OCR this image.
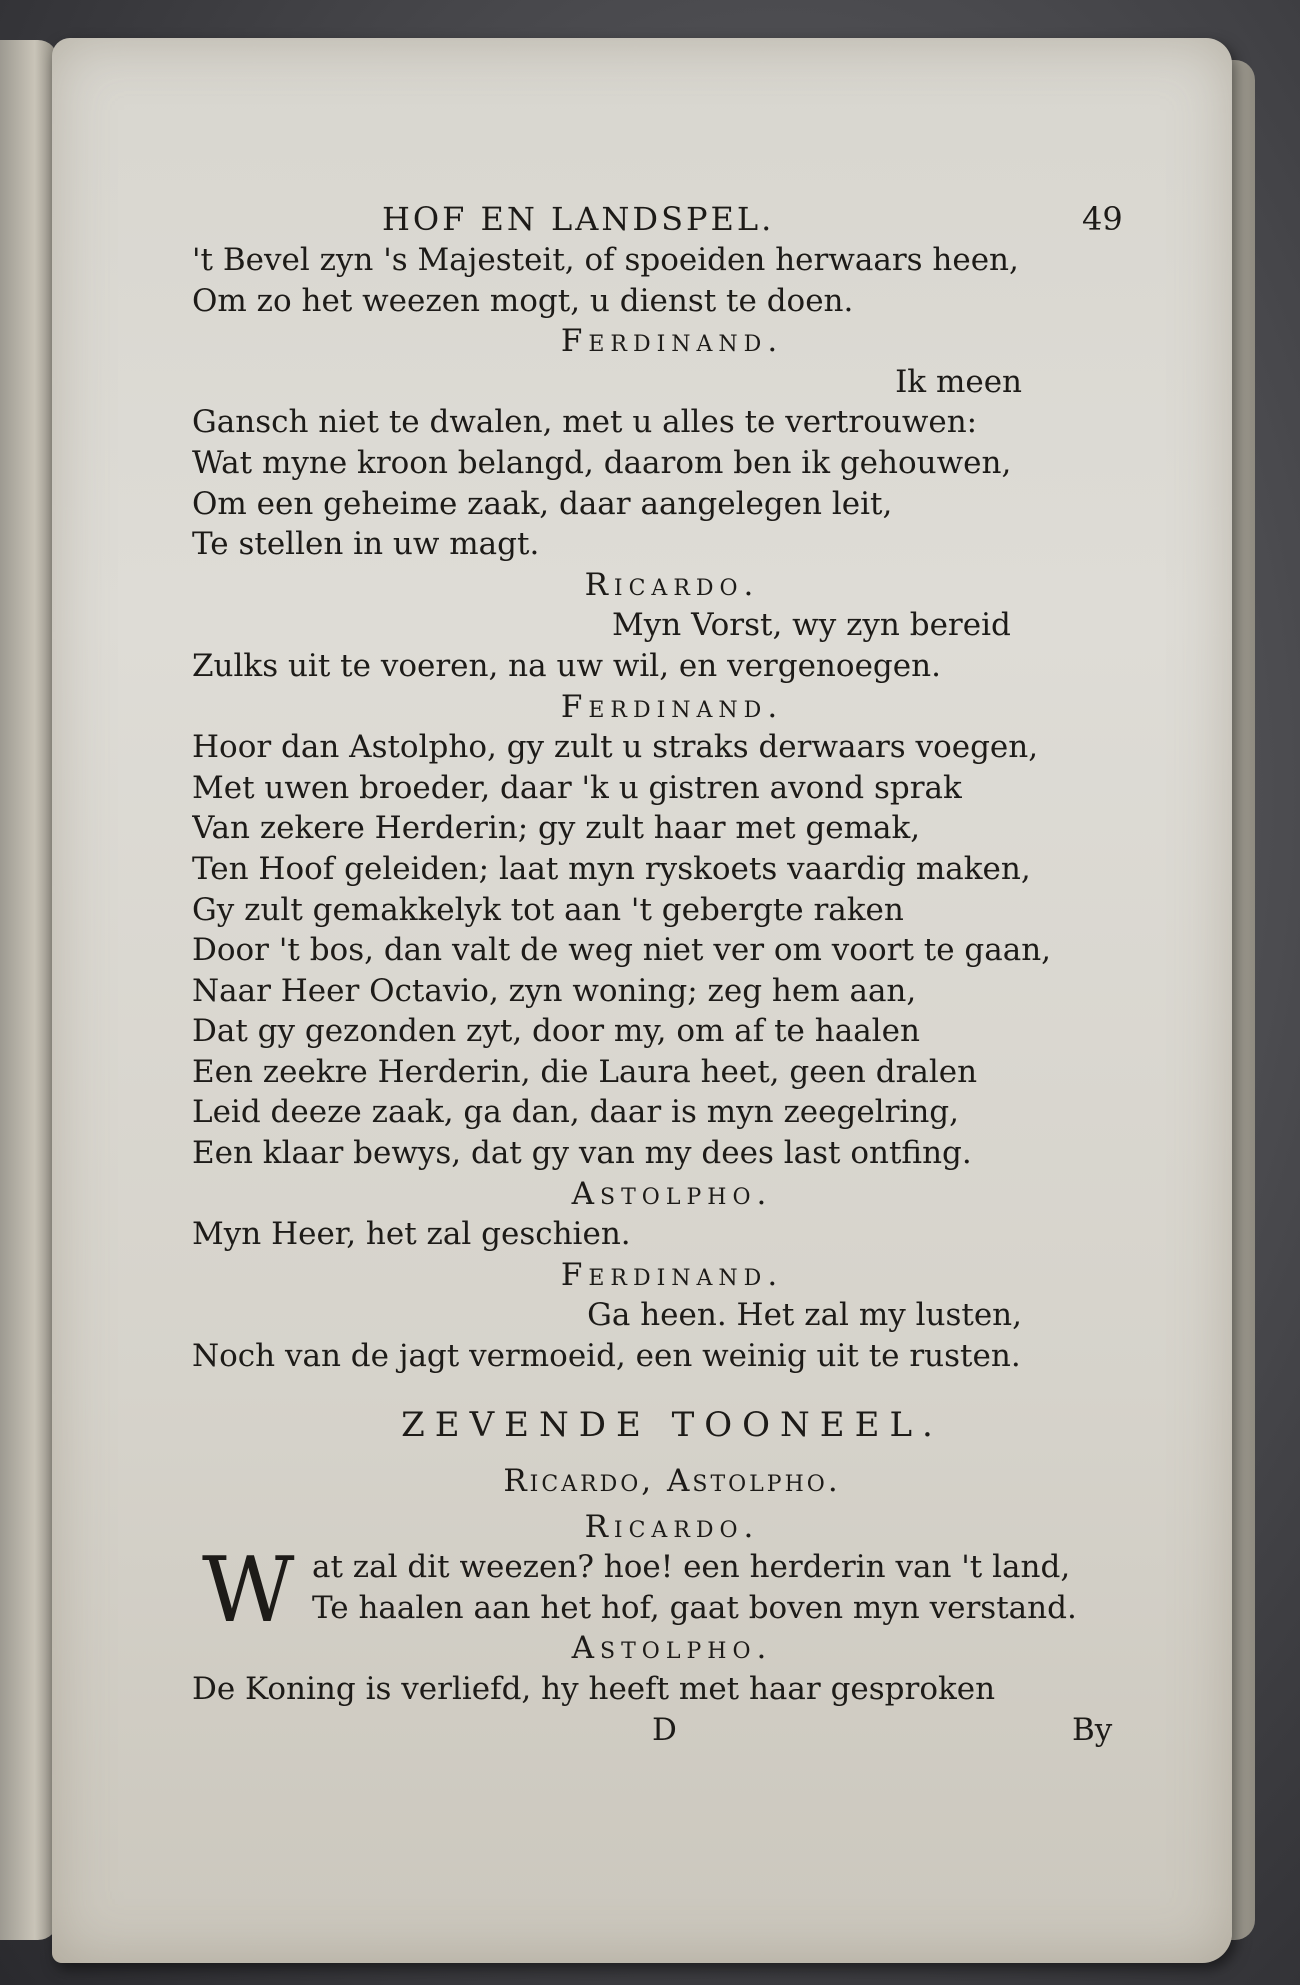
HOF EN LANDSPEL.	49
't Bevel zyn 's Majesteit, of spoeiden herwaars heen,
Om zo het weezen mogt, u dienst te doen.
Ferdinand.
Ik meen
Gansch niet te dwalen, met u alles te vertrouwen:
Wat myne kroon belangd, daarom ben ik gehouwen,
Om een geheime zaak, daar aangelegen leit,
Te stellen in uw magt.
Ricardo.
Myn Vorst, wy zyn bereid
Zulks uit te voeren, na uw wil, en vergenoegen.
Ferdinand.
Hoor dan Astolpho, gy zult u straks derwaars voegen,
Met uwen broeder, daar 'k u gistren avond sprak
Van zekere Herderin; gy zult haar met gemak,
Ten Hoof geleiden; laat myn ryskoets vaardig maken,
Gy zult gemakkelyk tot aan 't gebergte raken
Door 't bos, dan valt de weg niet ver om voort te gaan,
Naar Heer Octavio, zyn woning; zeg hem aan,
Dat gy gezonden zyt, door my, om af te haalen
Een zeekre Herderin, die Laura heet, geen dralen
Leid deeze zaak, ga dan, daar is myn zeegelring,
Een klaar bewys, dat gy van my dees last ontfing.
Astolpho.
Myn Heer, het zal geschien.
Ferdinand.
Ga heen. Het zal my lusten,
Noch van de jagt vermoeid, een weinig uit te rusten.
ZEVENDE TOONEEL.
Ricardo, Astolpho.
Ricardo.
W at zal dit weezen? hoe! een herderin van 't land,
Te haalen aan het hof, gaat boven myn verstand.
Astolpho.
De Koning is verliefd, hy heeft met haar gesproken
D	By
